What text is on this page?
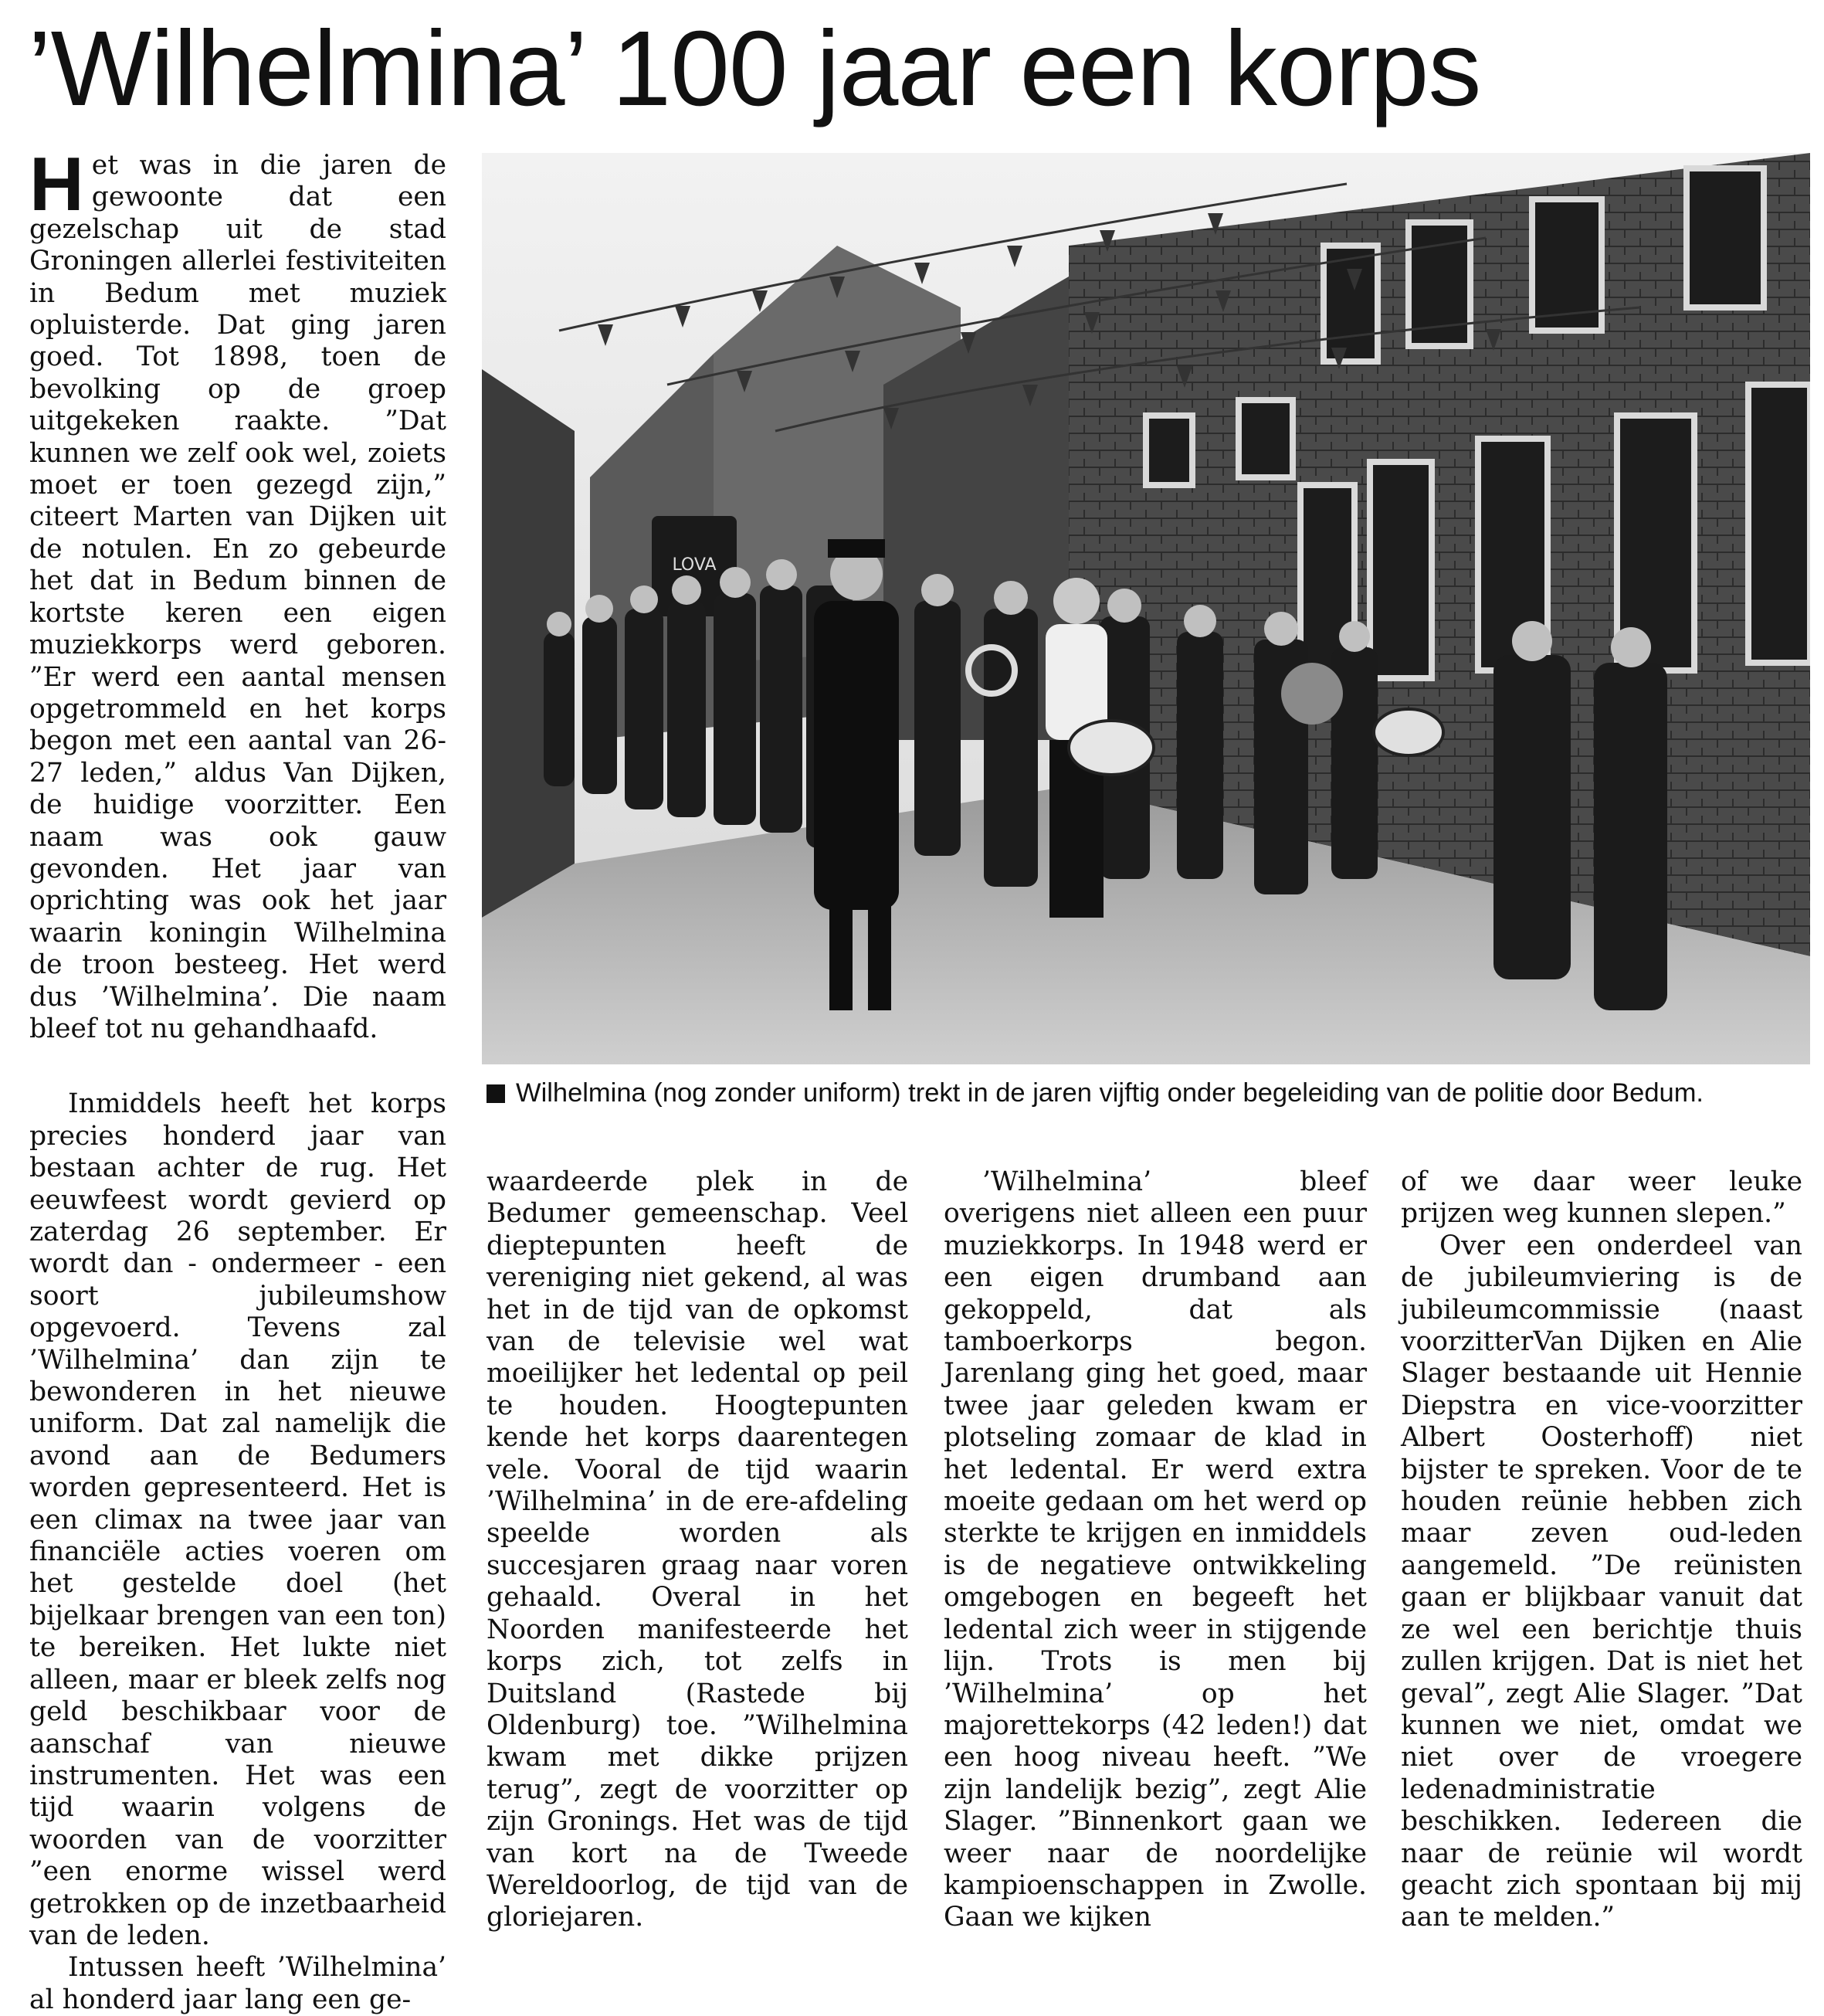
’Wilhelmina’ 100 jaar een korps

Het was in die jaren de gewoonte dat een gezelschap uit de stad Groningen allerlei festiviteiten in Bedum met muziek opluisterde. Dat ging jaren goed. Tot 1898, toen de bevolking op de groep uitgekeken raakte. ”Dat kunnen we zelf ook wel, zoiets moet er toen gezegd zijn,” citeert Marten van Dijken uit de notulen. En zo gebeurde het dat in Bedum binnen de kortste keren een eigen muziekkorps werd geboren. ”Er werd een aantal mensen opgetrommeld en het korps begon met een aantal van 26-27 leden,” aldus Van Dijken, de huidige voorzitter. Een naam was ook gauw gevonden. Het jaar van oprichting was ook het jaar waarin koningin Wilhelmina de troon besteeg. Het werd dus ’Wilhelmina’. Die naam bleef tot nu gehandhaafd.

Inmiddels heeft het korps precies honderd jaar van bestaan achter de rug. Het eeuwfeest wordt gevierd op zaterdag 26 september. Er wordt dan - ondermeer - een soort jubileumshow opgevoerd. Tevens zal ’Wilhelmina’ dan zijn te bewonderen in het nieuwe uniform. Dat zal namelijk die avond aan de Bedumers worden gepresenteerd. Het is een climax na twee jaar van financiële acties voeren om het gestelde doel (het bijelkaar brengen van een ton) te bereiken. Het lukte niet alleen, maar er bleek zelfs nog geld beschikbaar voor de aanschaf van nieuwe instrumenten. Het was een tijd waarin volgens de woorden van de voorzitter ”een enorme wissel werd getrokken op de inzetbaarheid van de leden.

Intussen heeft ’Wilhelmina’ al honderd jaar lang een ge-

LOVA
Wilhelmina (nog zonder uniform) trekt in de jaren vijftig onder begeleiding van de politie door Bedum.

waardeerde plek in de Bedumer gemeenschap. Veel dieptepunten heeft de vereniging niet gekend, al was het in de tijd van de opkomst van de televisie wel wat moeilijker het ledental op peil te houden. Hoogtepunten kende het korps daarentegen vele. Vooral de tijd waarin ’Wilhelmina’ in de ere-afdeling speelde worden als succesjaren graag naar voren gehaald. Overal in het Noorden manifesteerde het korps zich, tot zelfs in Duitsland (Rastede bij Oldenburg) toe. ”Wilhelmina kwam met dikke prijzen terug”, zegt de voorzitter op zijn Gronings. Het was de tijd van kort na de Tweede Wereldoorlog, de tijd van de gloriejaren.

’Wilhelmina’ bleef overigens niet alleen een puur muziekkorps. In 1948 werd er een eigen drumband aan gekoppeld, dat als tamboerkorps begon. Jarenlang ging het goed, maar twee jaar geleden kwam er plotseling zomaar de klad in het ledental. Er werd extra moeite gedaan om het werd op sterkte te krijgen en inmiddels is de negatieve ontwikkeling omgebogen en begeeft het ledental zich weer in stijgende lijn. Trots is men bij ’Wilhelmina’ op het majorettekorps (42 leden!) dat een hoog niveau heeft. ”We zijn landelijk bezig”, zegt Alie Slager. ”Binnenkort gaan we weer naar de noordelijke kampioenschappen in Zwolle. Gaan we kijken

of we daar weer leuke prijzen weg kunnen slepen.”

Over een onderdeel van de jubileumviering is de jubileumcommissie (naast voorzitterVan Dijken en Alie Slager bestaande uit Hennie Diepstra en vice-voorzitter Albert Oosterhoff) niet bijster te spreken. Voor de te houden reünie hebben zich maar zeven oud-leden aangemeld. ”De reünisten gaan er blijkbaar vanuit dat ze wel een berichtje thuis zullen krijgen. Dat is niet het geval”, zegt Alie Slager. ”Dat kunnen we niet, omdat we niet over de vroegere ledenadministratie beschikken. Iedereen die naar de reünie wil wordt geacht zich spontaan bij mij aan te melden.”
